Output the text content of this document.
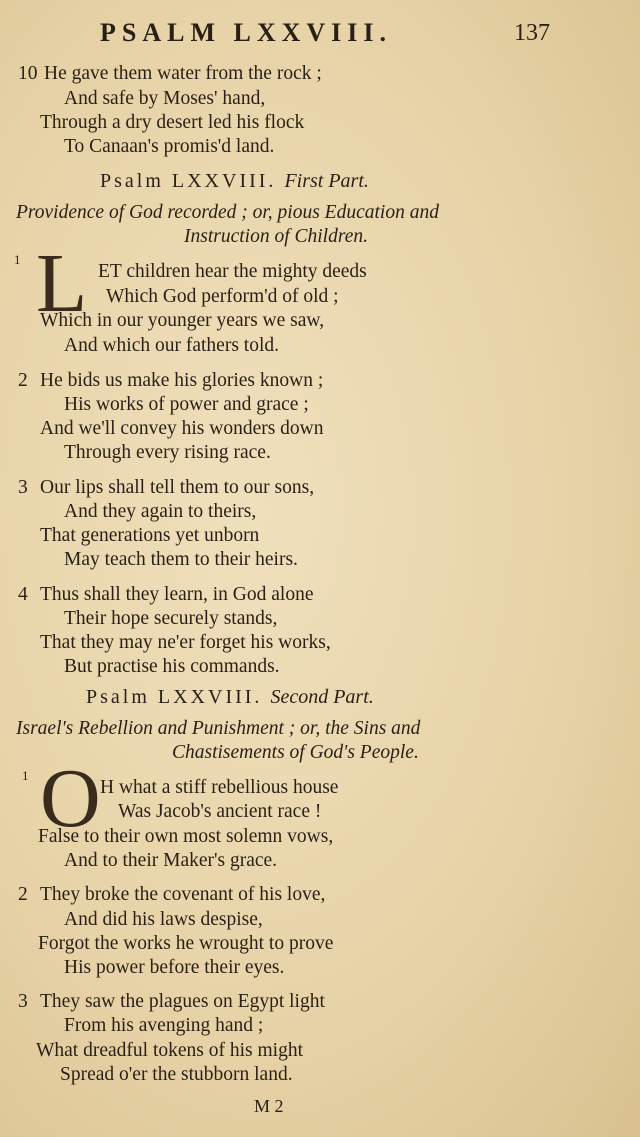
PSALM LXXVIII.	137
10 He gave them water from the rock ;
And safe by Moses' hand,
Through a dry desert led his flock
To Canaan's promis'd land.
Psalm LXXVIII. First Part.
Providence of God recorded ; or, pious Education and
Instruction of Children.
1 L ET children hear the mighty deeds
Which God perform'd of old ;
Which in our younger years we saw,
And which our fathers told.
2 He bids us make his glories known ;
His works of power and grace ;
And we'll convey his wonders down
Through every rising race.
3 Our lips shall tell them to our sons,
And they again to theirs,
That generations yet unborn
May teach them to their heirs.
4 Thus shall they learn, in God alone
Their hope securely stands,
That they may ne'er forget his works,
But practise his commands.
Psalm LXXVIII. Second Part.
Israel's Rebellion and Punishment ; or, the Sins and
Chastisements of God's People.
1 O H what a stiff rebellious house
Was Jacob's ancient race !
False to their own most solemn vows,
And to their Maker's grace.
2 They broke the covenant of his love,
And did his laws despise,
Forgot the works he wrought to prove
His power before their eyes.
3 They saw the plagues on Egypt light
From his avenging hand ;
What dreadful tokens of his might
Spread o'er the stubborn land.
M 2
